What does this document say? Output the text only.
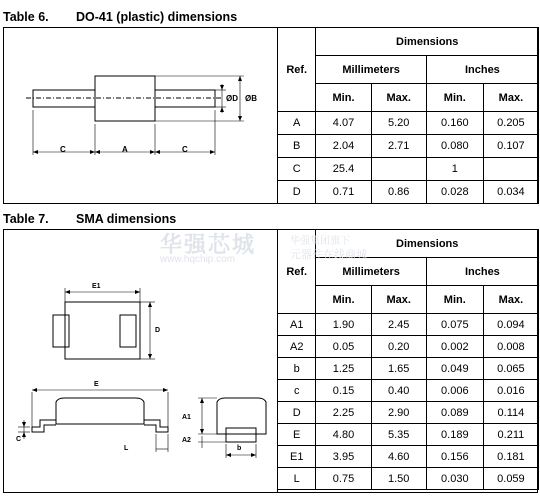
Table 6. DO-41 (plastic) dimensions
C	A	C
ØD ØB
Ref.	Dimensions			
	Millimeters		Inches	
	Min.	Max.	Min.	Max.
A	4.07	5.20	0.160	0.205
B	2.04	2.71	0.080	0.107
C	25.4		1	
D	0.71	0.86	0.028	0.034
Table 7. SMA dimensions
E1
D
E
C
L
A1
A2
b
Ref.	Dimensions			
	Millimeters		Inches	
	Min.	Max.	Min.	Max.
A1	1.90	2.45	0.075	0.094
A2	0.05	0.20	0.002	0.008
b	1.25	1.65	0.049	0.065
c	0.15	0.40	0.006	0.016
D	2.25	2.90	0.089	0.114
E	4.80	5.35	0.189	0.211
E1	3.95	4.60	0.156	0.181
L	0.75	1.50	0.030	0.059
华强芯城
www.hqchip.com
华强集团旗下
元器件在线商城
